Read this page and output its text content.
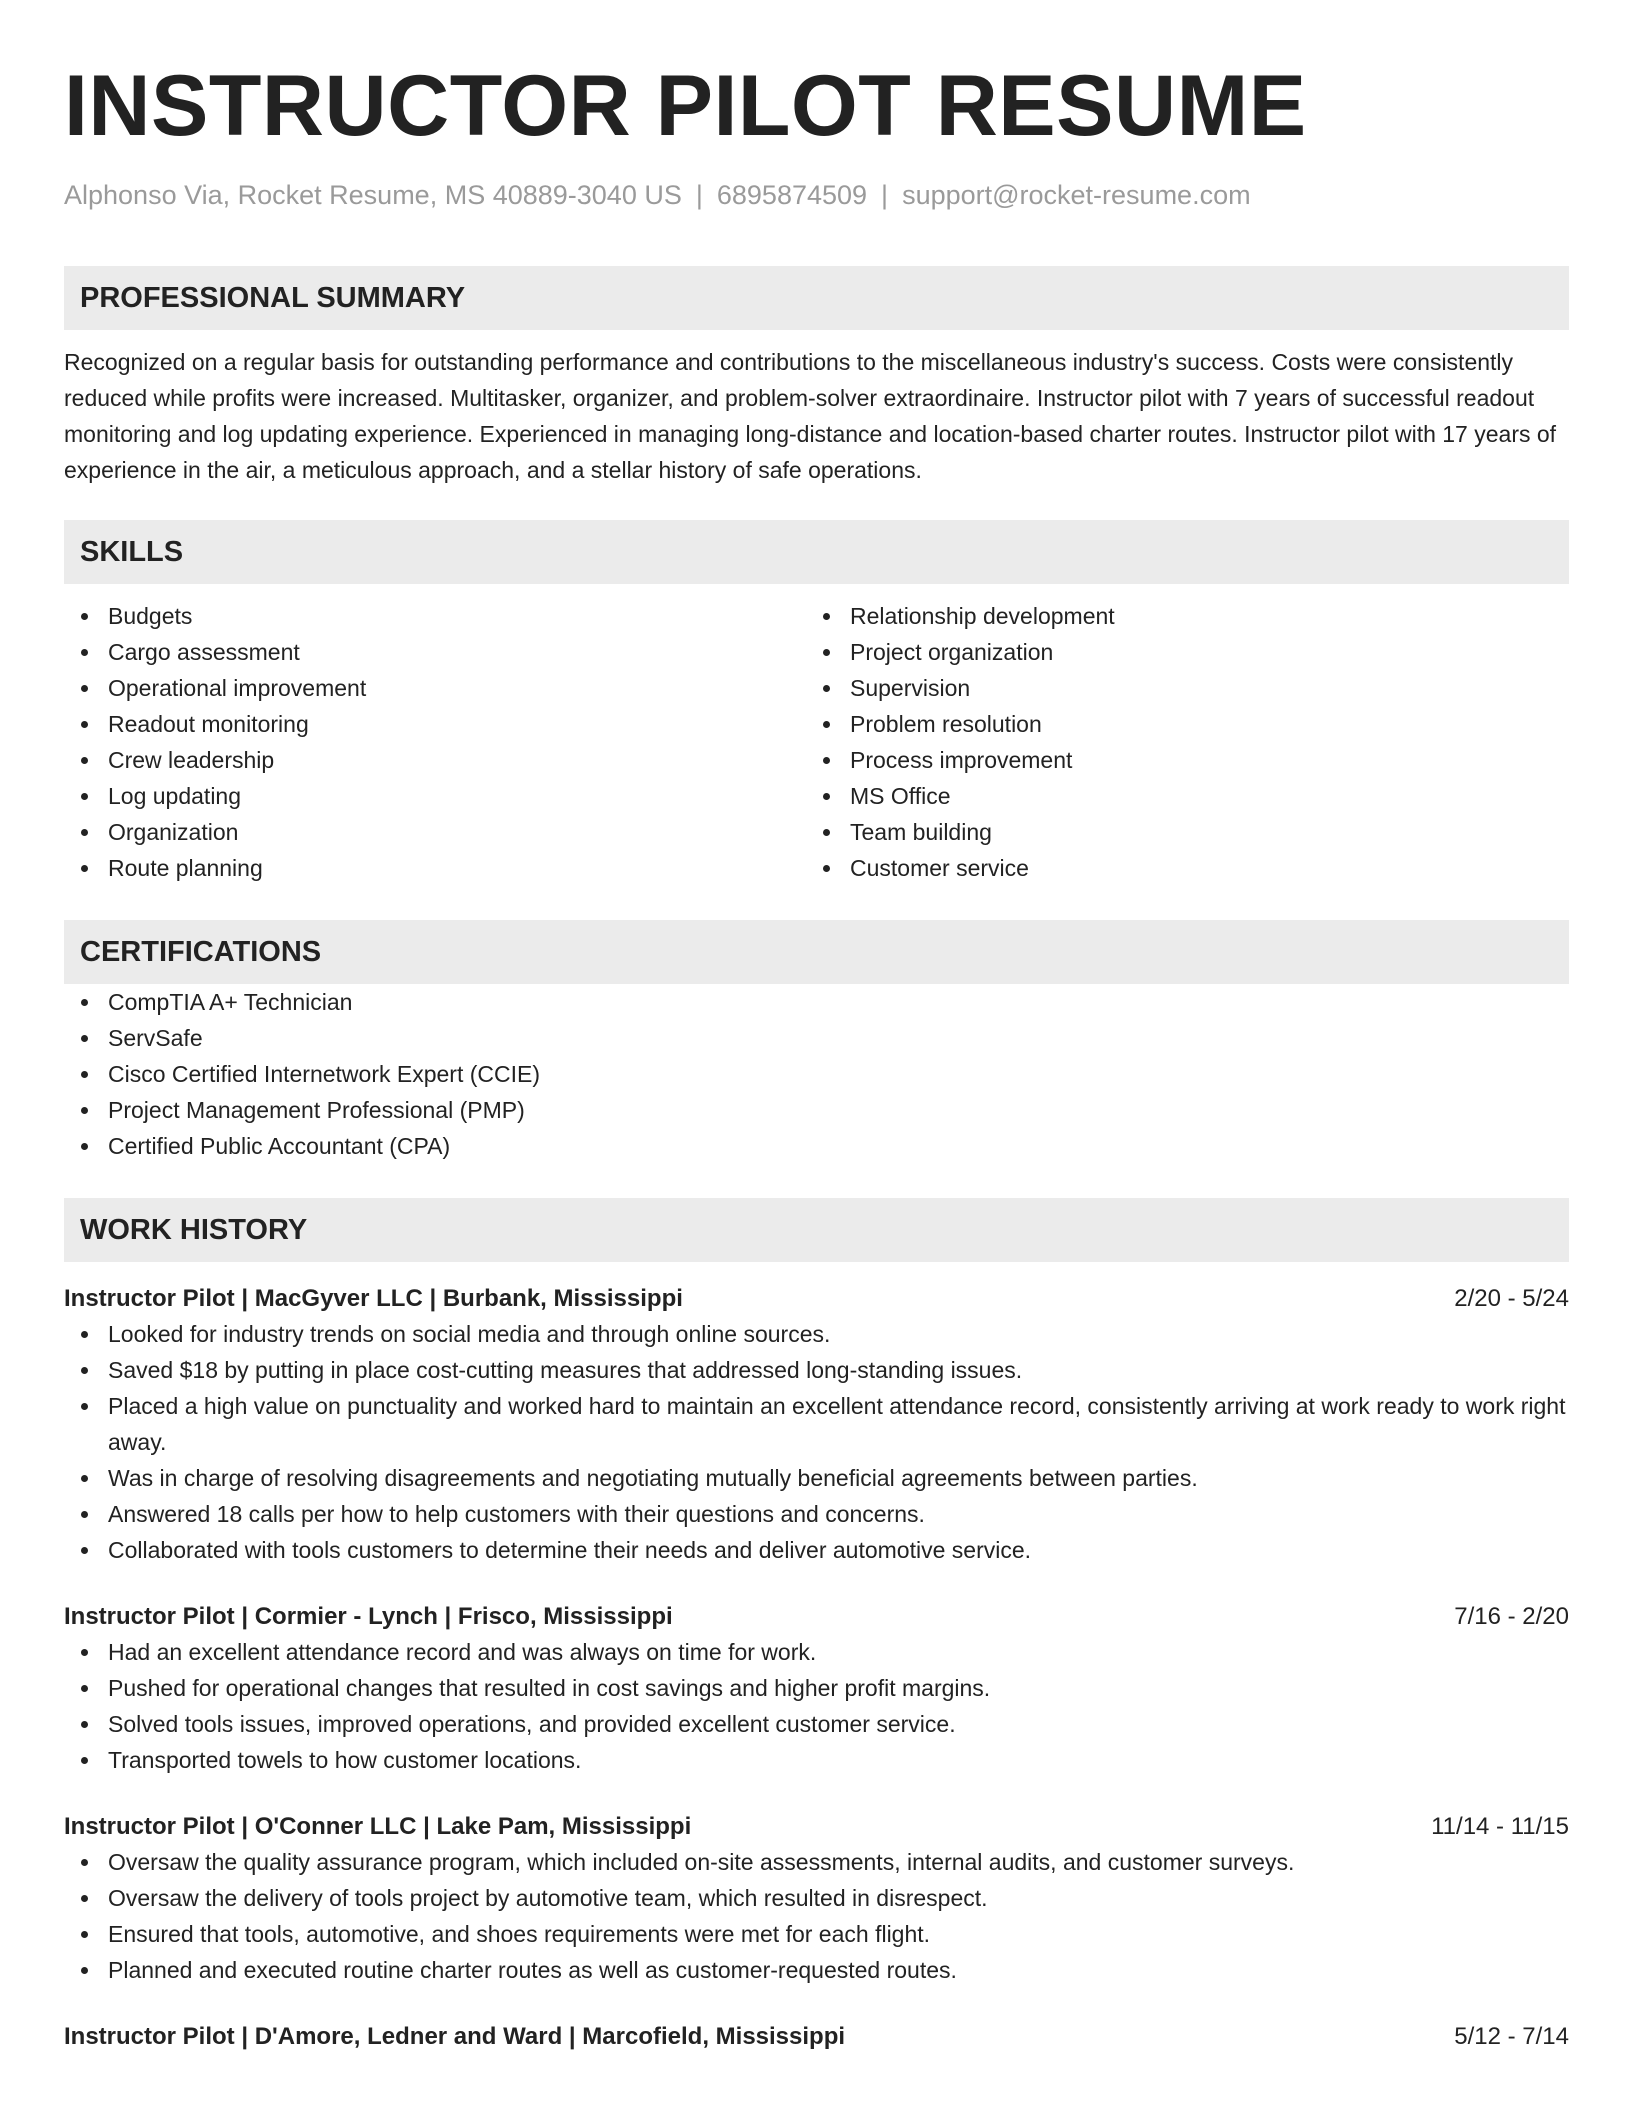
INSTRUCTOR PILOT RESUME
Alphonso Via, Rocket Resume, MS 40889-3040 US | 6895874509 | support@rocket-resume.com
PROFESSIONAL SUMMARY

Recognized on a regular basis for outstanding performance and contributions to the miscellaneous industry's success. Costs were consistently reduced while profits were increased. Multitasker, organizer, and problem-solver extraordinaire. Instructor pilot with 7 years of successful readout monitoring and log updating experience. Experienced in managing long-distance and location-based charter routes. Instructor pilot with 17 years of experience in the air, a meticulous approach, and a stellar history of safe operations.

SKILLS
Budgets
Cargo assessment
Operational improvement
Readout monitoring
Crew leadership
Log updating
Organization
Route planning
Relationship development
Project organization
Supervision
Problem resolution
Process improvement
MS Office
Team building
Customer service
CERTIFICATIONS
CompTIA A+ Technician
ServSafe
Cisco Certified Internetwork Expert (CCIE)
Project Management Professional (PMP)
Certified Public Accountant (CPA)
WORK HISTORY
Instructor Pilot | MacGyver LLC | Burbank, Mississippi	2/20 - 5/24
Looked for industry trends on social media and through online sources.
Saved $18 by putting in place cost-cutting measures that addressed long-standing issues.
Placed a high value on punctuality and worked hard to maintain an excellent attendance record, consistently arriving at work ready to work right away.
Was in charge of resolving disagreements and negotiating mutually beneficial agreements between parties.
Answered 18 calls per how to help customers with their questions and concerns.
Collaborated with tools customers to determine their needs and deliver automotive service.
Instructor Pilot | Cormier - Lynch | Frisco, Mississippi	7/16 - 2/20
Had an excellent attendance record and was always on time for work.
Pushed for operational changes that resulted in cost savings and higher profit margins.
Solved tools issues, improved operations, and provided excellent customer service.
Transported towels to how customer locations.
Instructor Pilot | O'Conner LLC | Lake Pam, Mississippi	11/14 - 11/15
Oversaw the quality assurance program, which included on-site assessments, internal audits, and customer surveys.
Oversaw the delivery of tools project by automotive team, which resulted in disrespect.
Ensured that tools, automotive, and shoes requirements were met for each flight.
Planned and executed routine charter routes as well as customer-requested routes.
Instructor Pilot | D'Amore, Ledner and Ward | Marcofield, Mississippi	5/12 - 7/14
